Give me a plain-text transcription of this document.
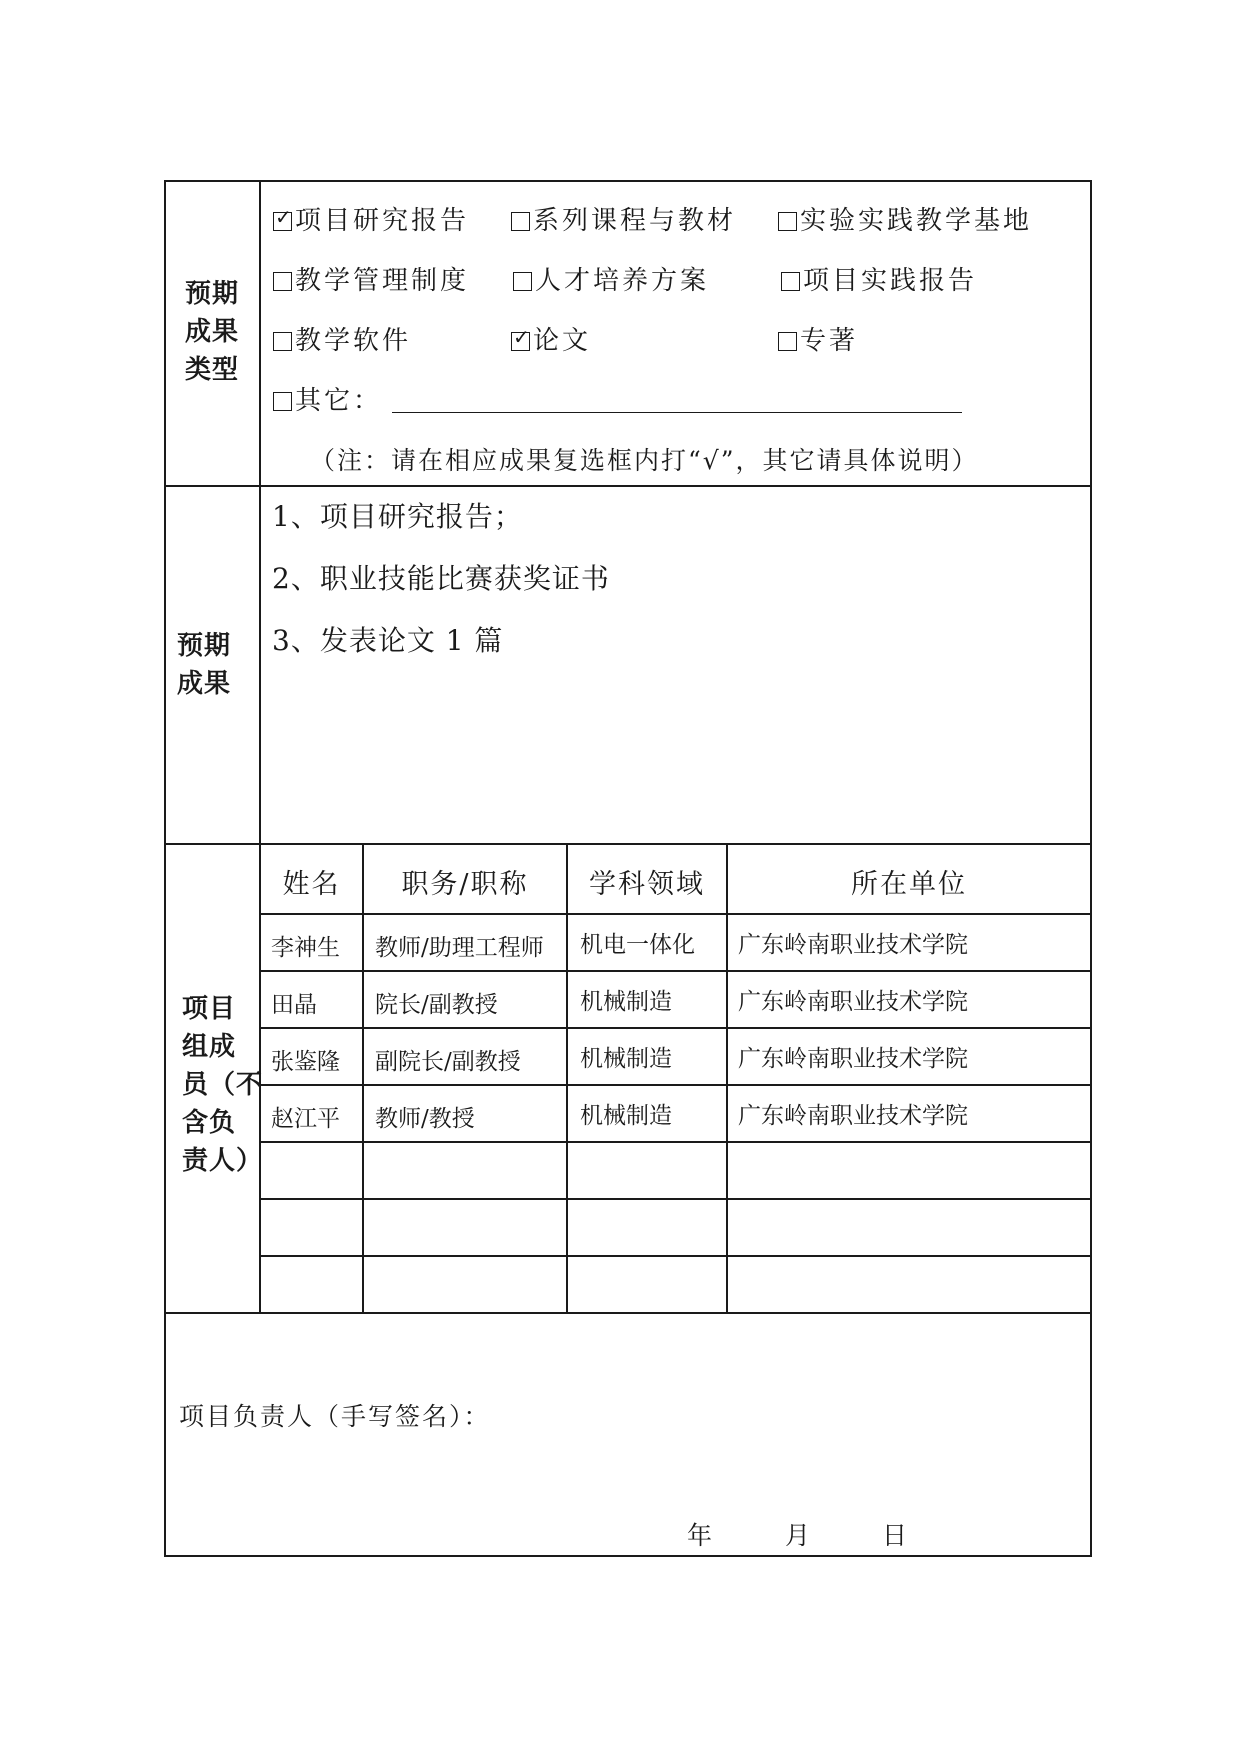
预期
成果
类型
✓项目研究报告	系列课程与教材	实验实践教学基地
教学管理制度	人才培养方案	项目实践报告
教学软件
✓	论文	专著
其它：
（注：请在相应成果复选框内打“√”，其它请具体说明）
预期
成果
1、项目研究报告；
2、职业技能比赛获奖证书
3、发表论文 1 篇
项目
组成
员（不
含负
责人）
姓名	职务/职称	学科领域	所在单位
李神生 教师/助理工程师 机电一体化 广东岭南职业技术学院
田晶	院长/副教授	机械制造	广东岭南职业技术学院
张鉴隆 副院长/副教授	机械制造	广东岭南职业技术学院
赵江平 教师/教授	机械制造	广东岭南职业技术学院
项目负责人（手写签名）：
年	月	日
